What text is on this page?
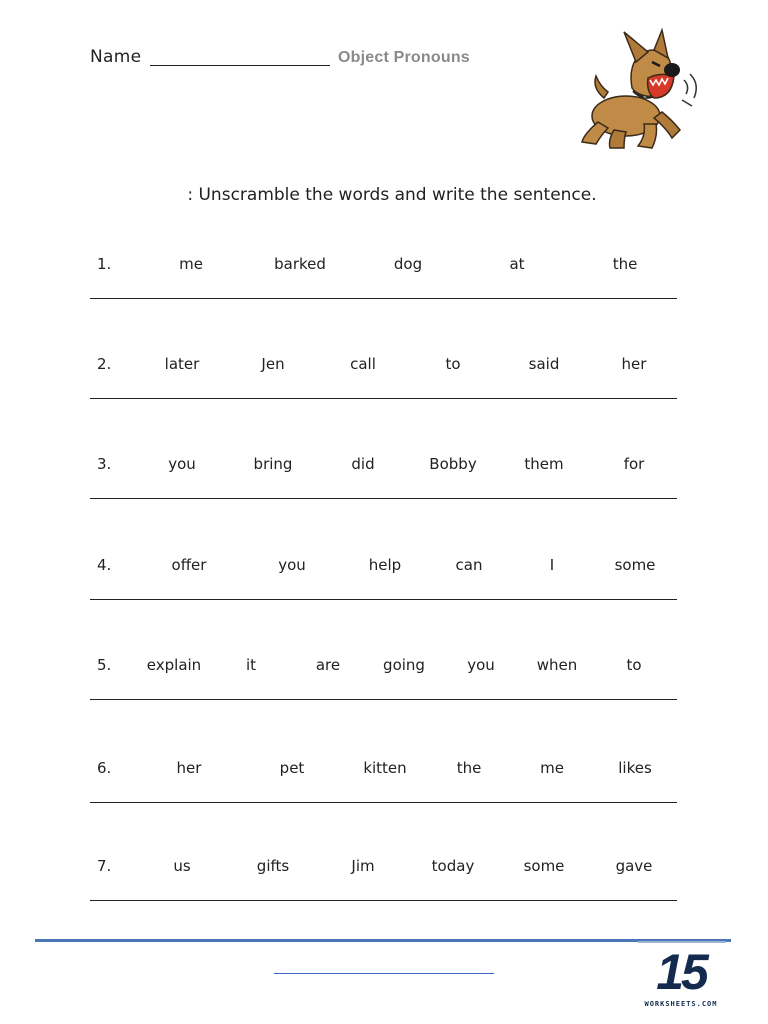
Name	Object Pronouns
: Unscramble the words and write the sentence.
1.	me	barked	dog	at	the
2.	later	Jen	call	to	said	her
3.	you	bring	did	Bobby	them	for
4.	offer	you	help	can	I	some
5. explain	it	are	going	you	when	to
6.	her	pet	kitten	the	me	likes
7.	us	gifts	Jim	today	some	gave
15
WORKSHEETS.COM
